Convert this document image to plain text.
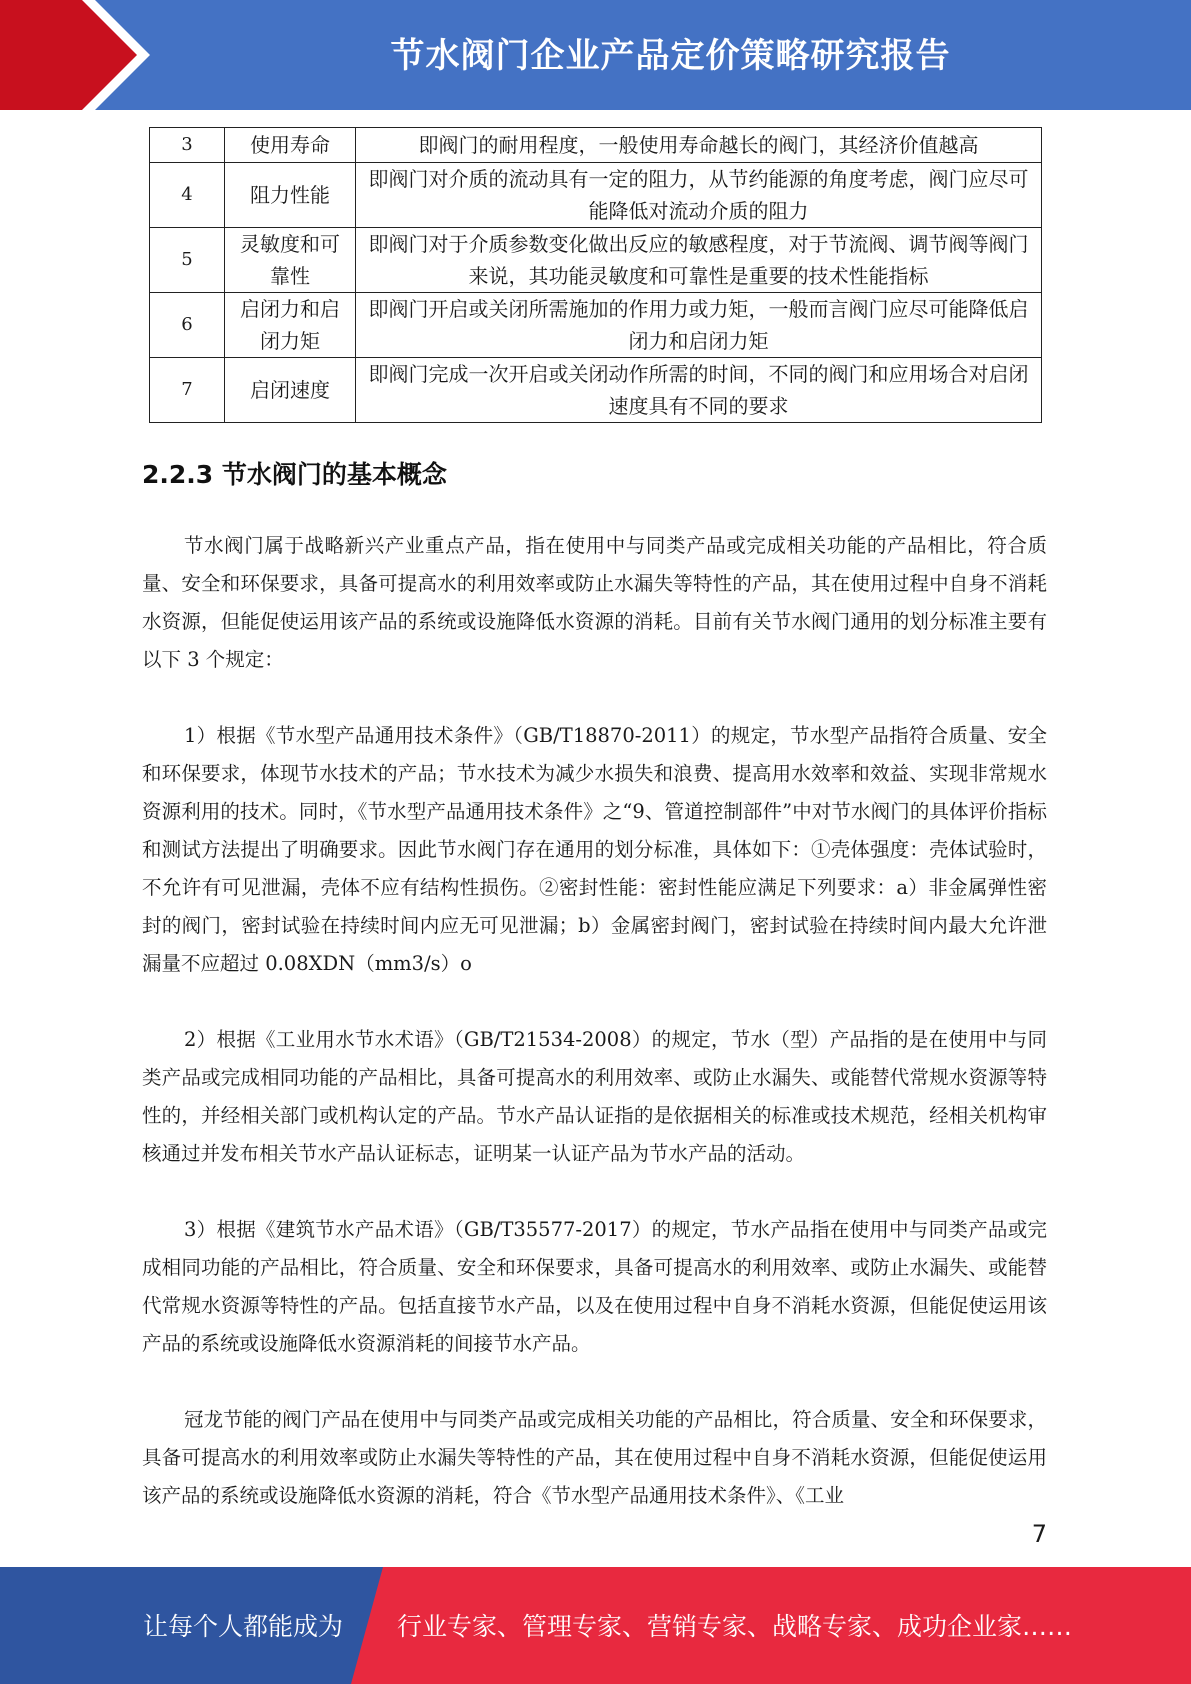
节水阀门企业产品定价策略研究报告
3	使用寿命	即阀门的耐用程度，一般使用寿命越长的阀门，其经济价值越高
4	阻力性能	即阀门对介质的流动具有一定的阻力，从节约能源的角度考虑，阀门应尽可能降低对流动介质的阻力
5	灵敏度和可靠性	即阀门对于介质参数变化做出反应的敏感程度，对于节流阀、调节阀等阀门来说，其功能灵敏度和可靠性是重要的技术性能指标
6	启闭力和启闭力矩	即阀门开启或关闭所需施加的作用力或力矩，一般而言阀门应尽可能降低启闭力和启闭力矩
7	启闭速度	即阀门完成一次开启或关闭动作所需的时间，不同的阀门和应用场合对启闭速度具有不同的要求
2.2.3 节水阀门的基本概念

节水阀门属于战略新兴产业重点产品，指在使用中与同类产品或完成相关功能的产品相比，符合质量、安全和环保要求，具备可提高水的利用效率或防止水漏失等特性的产品，其在使用过程中自身不消耗水资源，但能促使运用该产品的系统或设施降低水资源的消耗。目前有关节水阀门通用的划分标准主要有以下 3 个规定：

1）根据《节水型产品通用技术条件》（GB/T18870-2011）的规定，节水型产品指符合质量、安全和环保要求，体现节水技术的产品；节水技术为减少水损失和浪费、提高用水效率和效益、实现非常规水资源利用的技术。同时，《节水型产品通用技术条件》之“9、管道控制部件”中对节水阀门的具体评价指标和测试方法提出了明确要求。因此节水阀门存在通用的划分标准，具体如下：①壳体强度：壳体试验时，不允许有可见泄漏，壳体不应有结构性损伤。②密封性能：密封性能应满足下列要求：a）非金属弹性密封的阀门，密封试验在持续时间内应无可见泄漏；b）金属密封阀门，密封试验在持续时间内最大允许泄漏量不应超过 0.08XDN（mm3/s）o

2）根据《工业用水节水术语》（GB/T21534-2008）的规定，节水（型）产品指的是在使用中与同类产品或完成相同功能的产品相比，具备可提高水的利用效率、或防止水漏失、或能替代常规水资源等特性的，并经相关部门或机构认定的产品。节水产品认证指的是依据相关的标准或技术规范，经相关机构审核通过并发布相关节水产品认证标志，证明某一认证产品为节水产品的活动。

3）根据《建筑节水产品术语》（GB/T35577-2017）的规定，节水产品指在使用中与同类产品或完成相同功能的产品相比，符合质量、安全和环保要求，具备可提高水的利用效率、或防止水漏失、或能替代常规水资源等特性的产品。包括直接节水产品，以及在使用过程中自身不消耗水资源，但能促使运用该产品的系统或设施降低水资源消耗的间接节水产品。

冠龙节能的阀门产品在使用中与同类产品或完成相关功能的产品相比，符合质量、安全和环保要求，具备可提高水的利用效率或防止水漏失等特性的产品，其在使用过程中自身不消耗水资源，但能促使运用该产品的系统或设施降低水资源的消耗，符合《节水型产品通用技术条件》、《工业

7
让每个人都能成为 行业专家、管理专家、营销专家、战略专家、成功企业家……
